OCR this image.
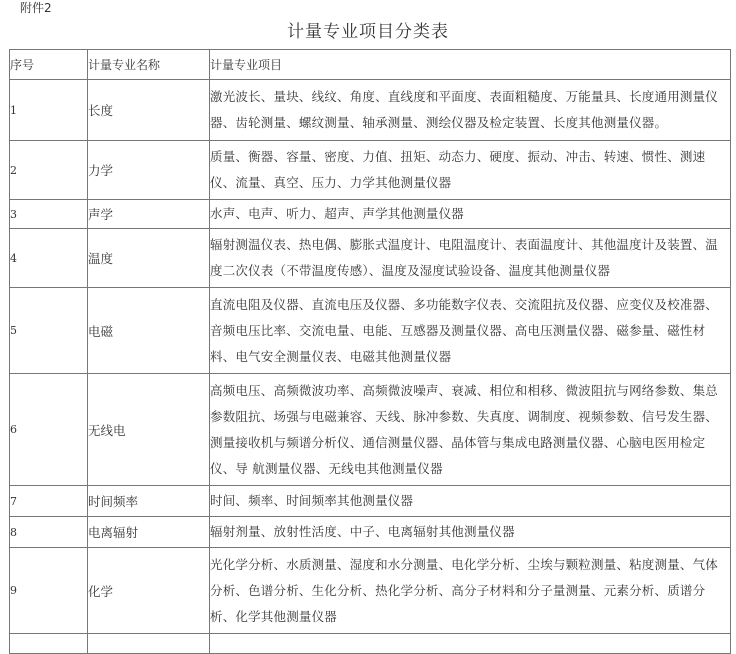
附件2
计量专业项目分类表
序号	计量专业名称	计量专业项目
1	长度	激光波长、量块、线纹、角度、直线度和平面度、表面粗糙度、万能量具、长度通用测量仪器、齿轮测量、螺纹测量、轴承测量、测绘仪器及检定装置、长度其他测量仪器。
2	力学	质量、衡器、容量、密度、力值、扭矩、动态力、硬度、振动、冲击、转速、惯性、测速仪、流量、真空、压力、力学其他测量仪器
3	声学	水声、电声、听力、超声、声学其他测量仪器
4	温度	辐射测温仪表、热电偶、膨胀式温度计、电阻温度计、表面温度计、其他温度计及装置、温度二次仪表（不带温度传感）、温度及湿度试验设备、温度其他测量仪器
5	电磁	直流电阻及仪器、直流电压及仪器、多功能数字仪表、交流阻抗及仪器、应变仪及校准器、音频电压比率、交流电量、电能、互感器及测量仪器、高电压测量仪器、磁参量、磁性材料、电气安全测量仪表、电磁其他测量仪器
6	无线电	高频电压、高频微波功率、高频微波噪声、衰减、相位和相移、微波阻抗与网络参数、集总参数阻抗、场强与电磁兼容、天线、脉冲参数、失真度、调制度、视频参数、信号发生器、测量接收机与频谱分析仪、通信测量仪器、晶体管与集成电路测量仪器、心脑电医用检定仪、导 航测量仪器、无线电其他测量仪器
7	时间频率	时间、频率、时间频率其他测量仪器
8	电离辐射	辐射剂量、放射性活度、中子、电离辐射其他测量仪器
9	化学	光化学分析、水质测量、湿度和水分测量、电化学分析、尘埃与颗粒测量、粘度测量、气体分析、色谱分析、生化分析、热化学分析、高分子材料和分子量测量、元素分析、质谱分析、化学其他测量仪器
